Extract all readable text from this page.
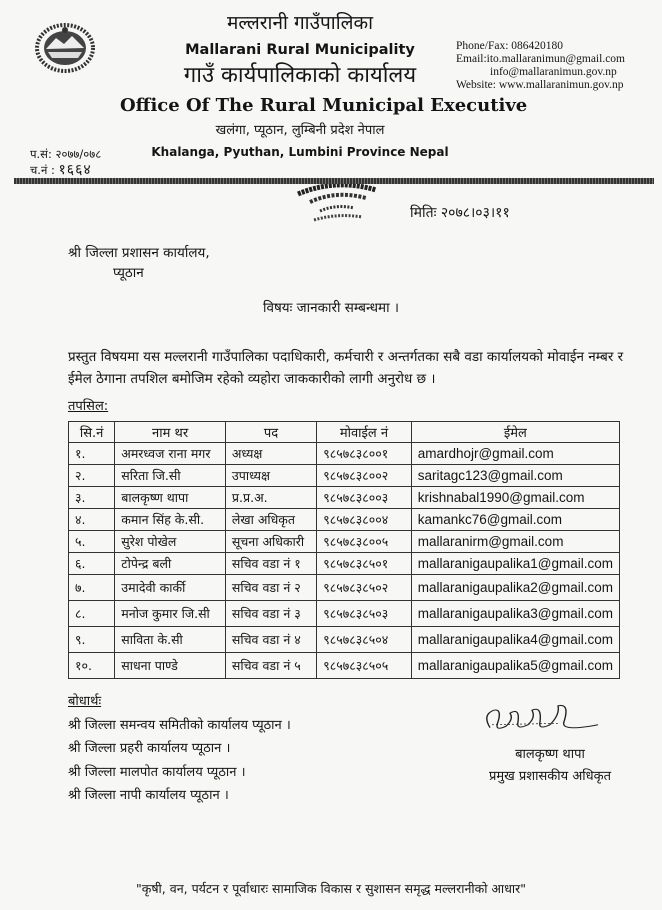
मल्लरानी गाउँपालिका
Mallarani Rural Municipality
गाउँ कार्यपालिकाको कार्यालय
Office Of The Rural Municipal Executive
खलंगा, प्यूठान, लुम्बिनी प्रदेश नेपाल
Khalanga, Pyuthan, Lumbini Province Nepal
Phone/Fax: 086420180
Email:ito.mallaranimun@gmail.com
info@mallaranimun.gov.np
Website: www.mallaranimun.gov.np
प.सं: २०७७/०७८
च.नं : १६६४
मितिः २०७८।०३।११
श्री जिल्ला प्रशासन कार्यालय,
प्यूठान
विषयः जानकारी सम्बन्धमा ।
प्रस्तुत विषयमा यस मल्लरानी गाउँपालिका पदाधिकारी, कर्मचारी र अन्तर्गतका सबै वडा कार्यालयको मोवाईन नम्बर र ईमेल ठेगाना तपशिल बमोजिम रहेको व्यहोरा जाककारीको लागी अनुरोध छ ।
तपसिल:
सि.नं	नाम थर	पद	मोवाईल नं	ईमेल
१.	अमरध्वज राना मगर	अध्यक्ष	९८५७८३८००१	amardhojr@gmail.com
२.	सरिता जि.सी	उपाध्यक्ष	९८५७८३८००२	saritagc123@gmail.com
३.	बालकृष्ण थापा	प्र.प्र.अ.	९८५७८३८००३	krishnabal1990@gmail.com
४.	कमान सिंह के.सी.	लेखा अधिकृत	९८५७८३८००४	kamankc76@gmail.com
५.	सुरेश पोखेल	सूचना अधिकारी	९८५७८३८००५	mallaranirm@gmail.com
६.	टोपेन्द्र बली	सचिव वडा नं १	९८५७८३८५०१	mallaranigaupalika1@gmail.com
७.	उमादेवी कार्की	सचिव वडा नं २	९८५७८३८५०२	mallaranigaupalika2@gmail.com
८.	मनोज कुमार जि.सी	सचिव वडा नं ३	९८५७८३८५०३	mallaranigaupalika3@gmail.com
९.	साविता के.सी	सचिव वडा नं ४	९८५७८३८५०४	mallaranigaupalika4@gmail.com
१०.	साधना पाण्डे	सचिव वडा नं ५	९८५७८३८५०५	mallaranigaupalika5@gmail.com
बोधार्थः
श्री जिल्ला समन्वय समितीको कार्यालय प्यूठान ।
श्री जिल्ला प्रहरी कार्यालय प्यूठान ।
श्री जिल्ला मालपोत कार्यालय प्यूठान ।
श्री जिल्ला नापी कार्यालय प्यूठान ।
बालकृष्ण थापा
प्रमुख प्रशासकीय अधिकृत
"कृषी, वन, पर्यटन र पूर्वाधारः सामाजिक विकास र सुशासन समृद्ध मल्लरानीको आधार"
